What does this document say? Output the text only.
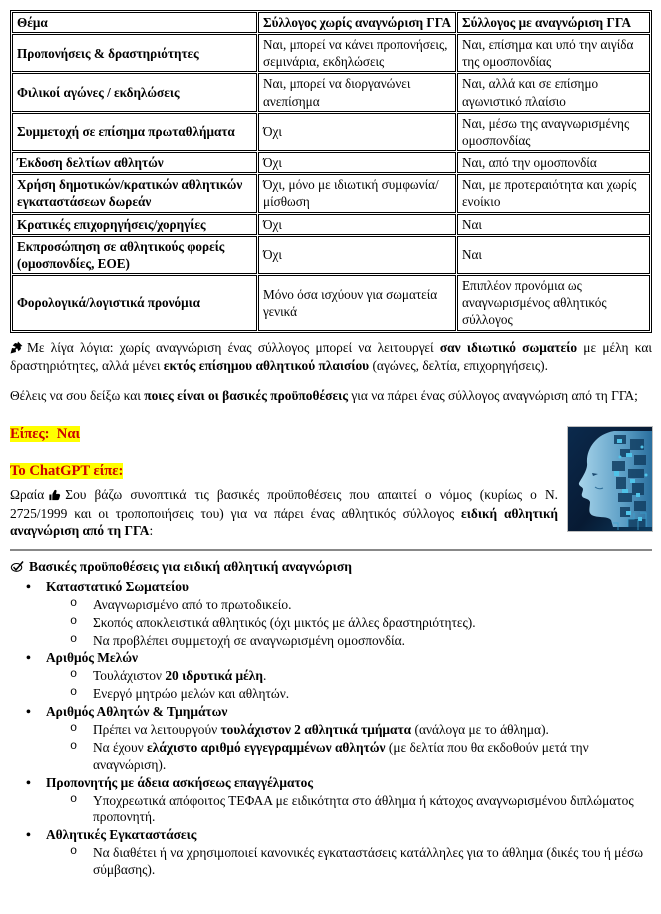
Θέμα	Σύλλογος χωρίς αναγνώριση ΓΓΑ	Σύλλογος με αναγνώριση ΓΓΑ
Προπονήσεις & δραστηριότητες	Ναι, μπορεί να κάνει προπονήσεις, σεμινάρια, εκδηλώσεις	Ναι, επίσημα και υπό την αιγίδα της ομοσπονδίας
Φιλικοί αγώνες / εκδηλώσεις	Ναι, μπορεί να διοργανώνει ανεπίσημα	Ναι, αλλά και σε επίσημο αγωνιστικό πλαίσιο
Συμμετοχή σε επίσημα πρωταθλήματα	Όχι	Ναι, μέσω της αναγνωρισμένης ομοσπονδίας
Έκδοση δελτίων αθλητών	Όχι	Ναι, από την ομοσπονδία
Χρήση δημοτικών/κρατικών αθλητικών εγκαταστάσεων δωρεάν	Όχι, μόνο με ιδιωτική συμφωνία/μίσθωση	Ναι, με προτεραιότητα και χωρίς ενοίκιο
Κρατικές επιχορηγήσεις/χορηγίες	Όχι	Ναι
Εκπροσώπηση σε αθλητικούς φορείς (ομοσπονδίες, ΕΟΕ)	Όχι	Ναι
Φορολογικά/λογιστικά προνόμια	Μόνο όσα ισχύουν για σωματεία γενικά	Επιπλέον προνόμια ως αναγνωρισμένος αθλητικός σύλλογος

Με λίγα λόγια: χωρίς αναγνώριση ένας σύλλογος μπορεί να λειτουργεί σαν ιδιωτικό σωματείο με μέλη και δραστηριότητες, αλλά μένει εκτός επίσημου αθλητικού πλαισίου (αγώνες, δελτία, επιχορηγήσεις).

Θέλεις να σου δείξω και ποιες είναι οι βασικές προϋποθέσεις για να πάρει ένας σύλλογος αναγνώριση από τη ΓΓΑ;

Είπες:  Ναι

Το ChatGPT είπε:

Ωραία Σου βάζω συνοπτικά τις βασικές προϋποθέσεις που απαιτεί ο νόμος (κυρίως ο Ν. 2725/1999 και οι τροποποιήσεις του) για να πάρει ένας αθλητικός σύλλογος ειδική αθλητική αναγνώριση από τη ΓΓΑ:

Βασικές προϋποθέσεις για ειδική αθλητική αναγνώριση

Καταστατικό Σωματείου
o Αναγνωρισμένο από το πρωτοδικείο.
o Σκοπός αποκλειστικά αθλητικός (όχι μικτός με άλλες δραστηριότητες).
o Να προβλέπει συμμετοχή σε αναγνωρισμένη ομοσπονδία.
Αριθμός Μελών
o Τουλάχιστον 20 ιδρυτικά μέλη.
o Ενεργό μητρώο μελών και αθλητών.
Αριθμός Αθλητών & Τμημάτων
o Πρέπει να λειτουργούν τουλάχιστον 2 αθλητικά τμήματα (ανάλογα με το άθλημα).
o Να έχουν ελάχιστο αριθμό εγγεγραμμένων αθλητών (με δελτία που θα εκδοθούν μετά την αναγνώριση).
Προπονητής με άδεια ασκήσεως επαγγέλματος
o Υποχρεωτικά απόφοιτος ΤΕΦΑΑ με ειδικότητα στο άθλημα ή κάτοχος αναγνωρισμένου διπλώματος προπονητή.
Αθλητικές Εγκαταστάσεις
o Να διαθέτει ή να χρησιμοποιεί κανονικές εγκαταστάσεις κατάλληλες για το άθλημα (δικές του ή μέσω σύμβασης).
